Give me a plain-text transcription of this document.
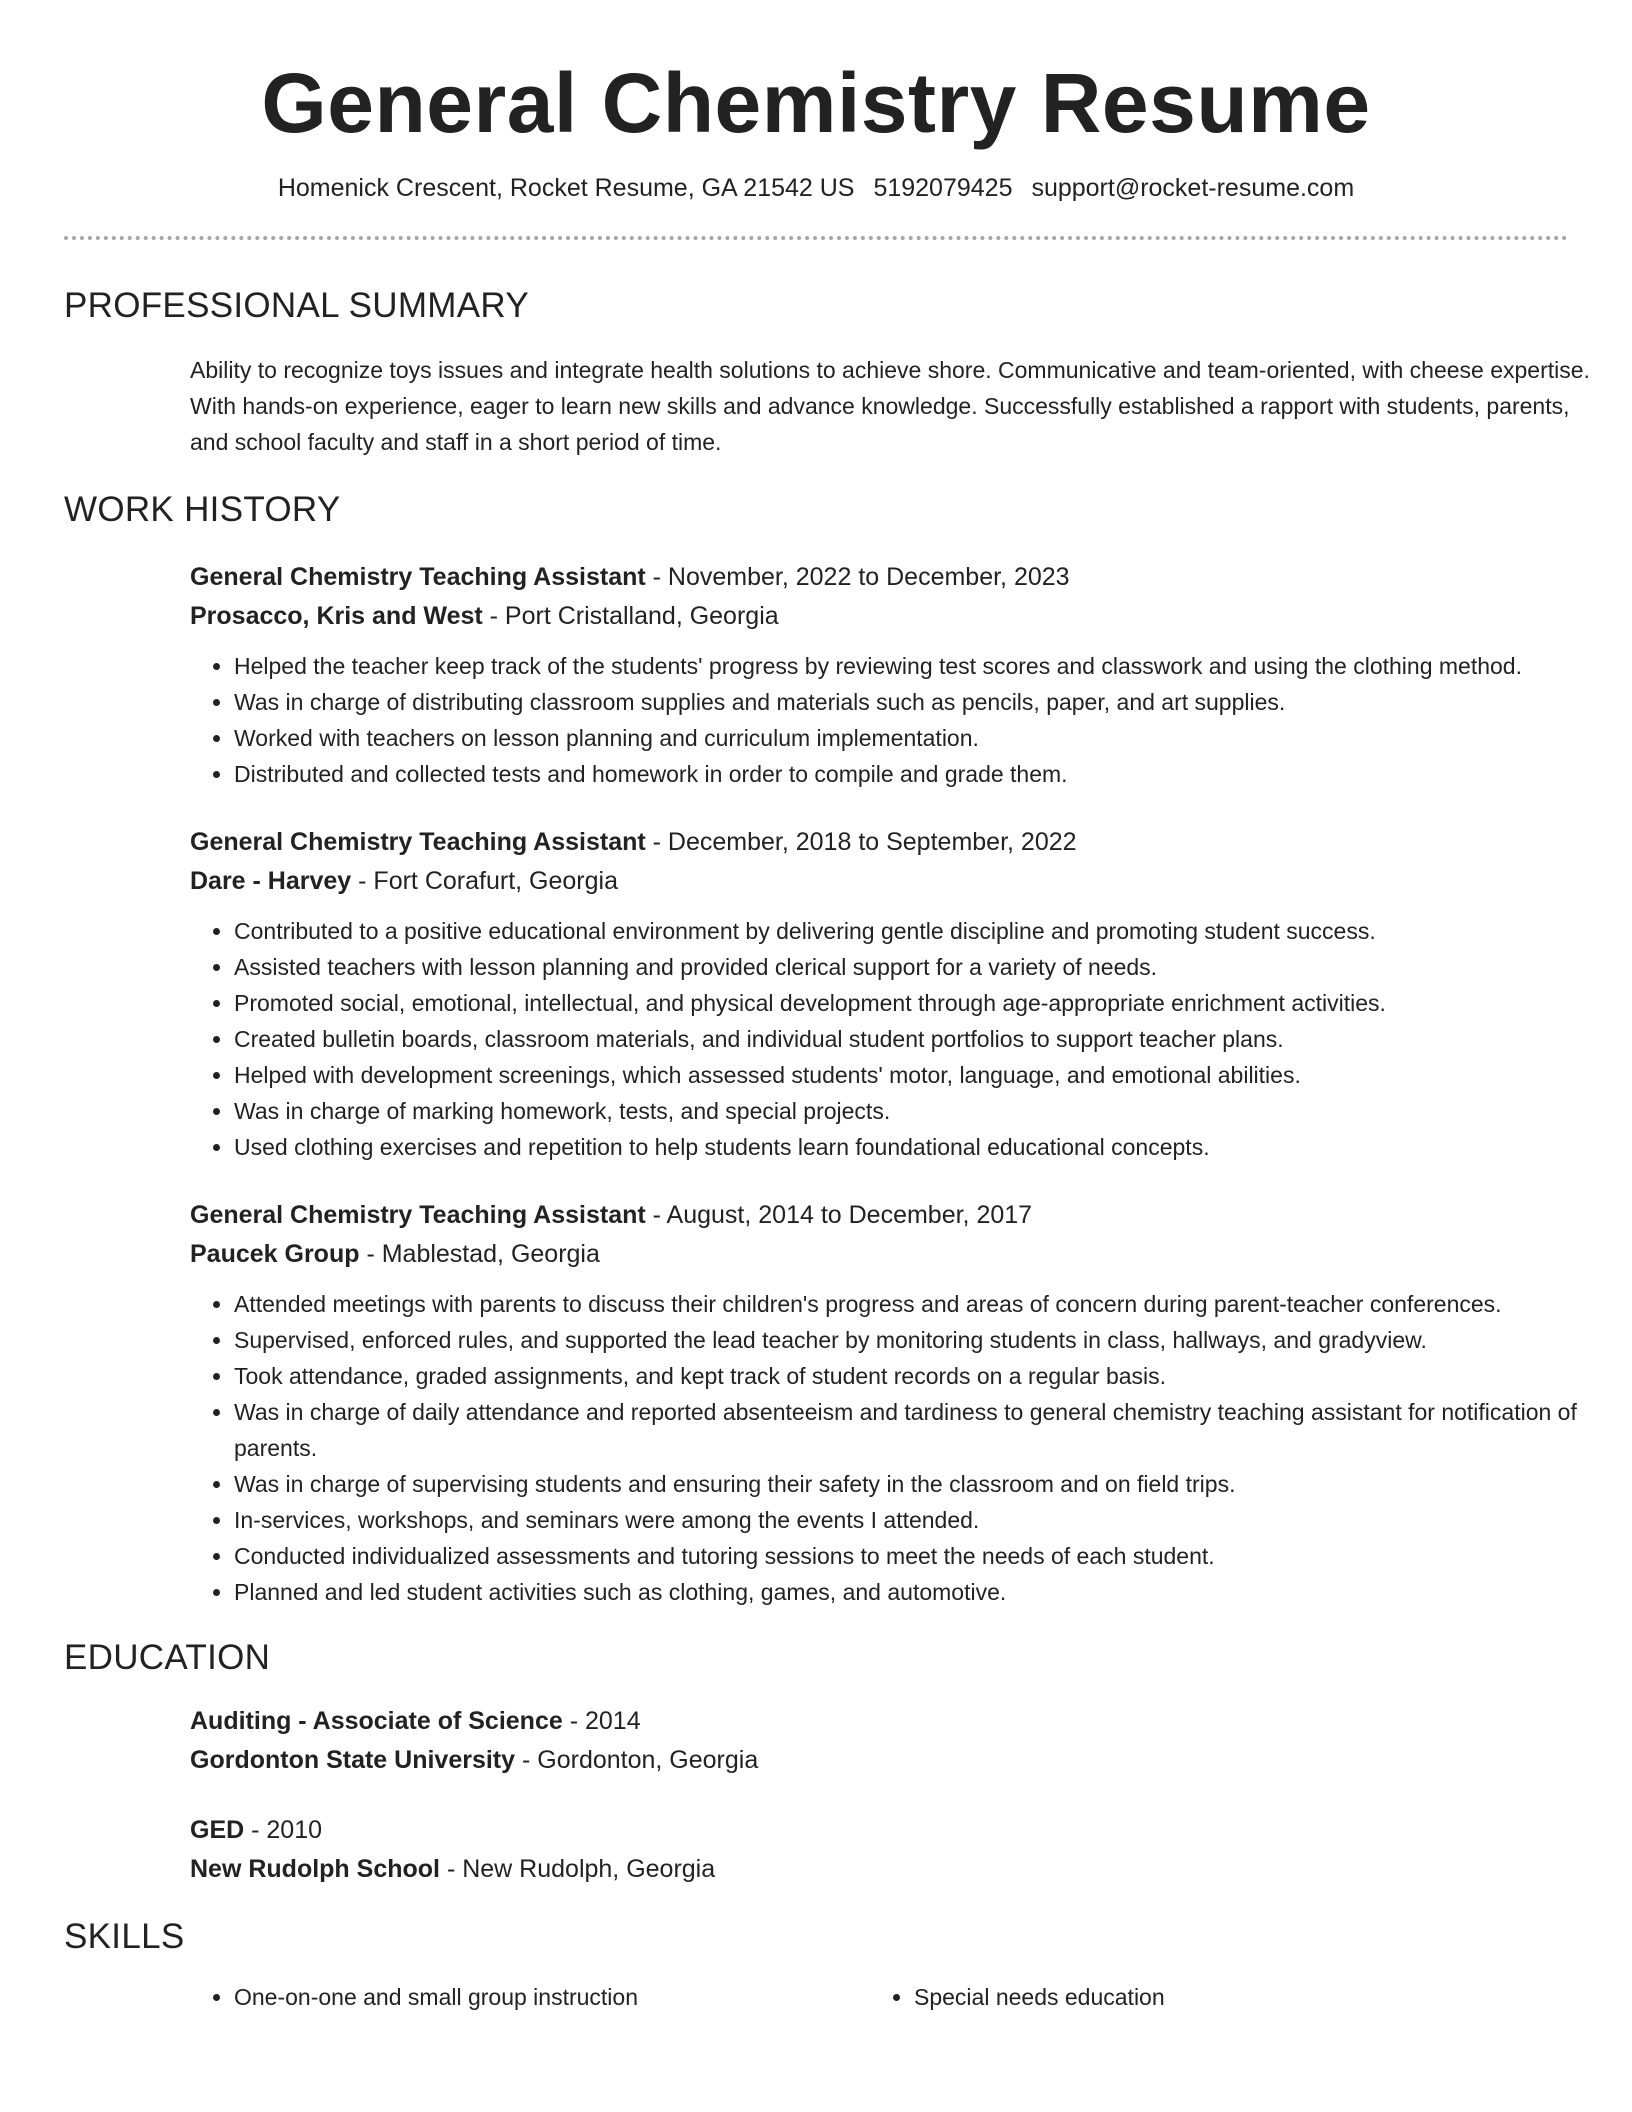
General Chemistry Resume
Homenick Crescent, Rocket Resume, GA 21542 US 5192079425 support@rocket-resume.com
PROFESSIONAL SUMMARY
Ability to recognize toys issues and integrate health solutions to achieve shore. Communicative and team-oriented, with cheese expertise. With hands-on experience, eager to learn new skills and advance knowledge. Successfully established a rapport with students, parents, and school faculty and staff in a short period of time.
WORK HISTORY
General Chemistry Teaching Assistant - November, 2022 to December, 2023
Prosacco, Kris and West - Port Cristalland, Georgia
• Helped the teacher keep track of the students' progress by reviewing test scores and classwork and using the clothing method.
• Was in charge of distributing classroom supplies and materials such as pencils, paper, and art supplies.
• Worked with teachers on lesson planning and curriculum implementation.
• Distributed and collected tests and homework in order to compile and grade them.
General Chemistry Teaching Assistant - December, 2018 to September, 2022
Dare - Harvey - Fort Corafurt, Georgia
• Contributed to a positive educational environment by delivering gentle discipline and promoting student success.
• Assisted teachers with lesson planning and provided clerical support for a variety of needs.
• Promoted social, emotional, intellectual, and physical development through age-appropriate enrichment activities.
• Created bulletin boards, classroom materials, and individual student portfolios to support teacher plans.
• Helped with development screenings, which assessed students' motor, language, and emotional abilities.
• Was in charge of marking homework, tests, and special projects.
• Used clothing exercises and repetition to help students learn foundational educational concepts.
General Chemistry Teaching Assistant - August, 2014 to December, 2017
Paucek Group - Mablestad, Georgia
• Attended meetings with parents to discuss their children's progress and areas of concern during parent-teacher conferences.
• Supervised, enforced rules, and supported the lead teacher by monitoring students in class, hallways, and gradyview.
• Took attendance, graded assignments, and kept track of student records on a regular basis.
• Was in charge of daily attendance and reported absenteeism and tardiness to general chemistry teaching assistant for notification of parents.
• Was in charge of supervising students and ensuring their safety in the classroom and on field trips.
• In-services, workshops, and seminars were among the events I attended.
• Conducted individualized assessments and tutoring sessions to meet the needs of each student.
• Planned and led student activities such as clothing, games, and automotive.
EDUCATION
Auditing - Associate of Science - 2014
Gordonton State University - Gordonton, Georgia
GED - 2010
New Rudolph School - New Rudolph, Georgia
SKILLS
• One-on-one and small group instruction
•	Special needs education
